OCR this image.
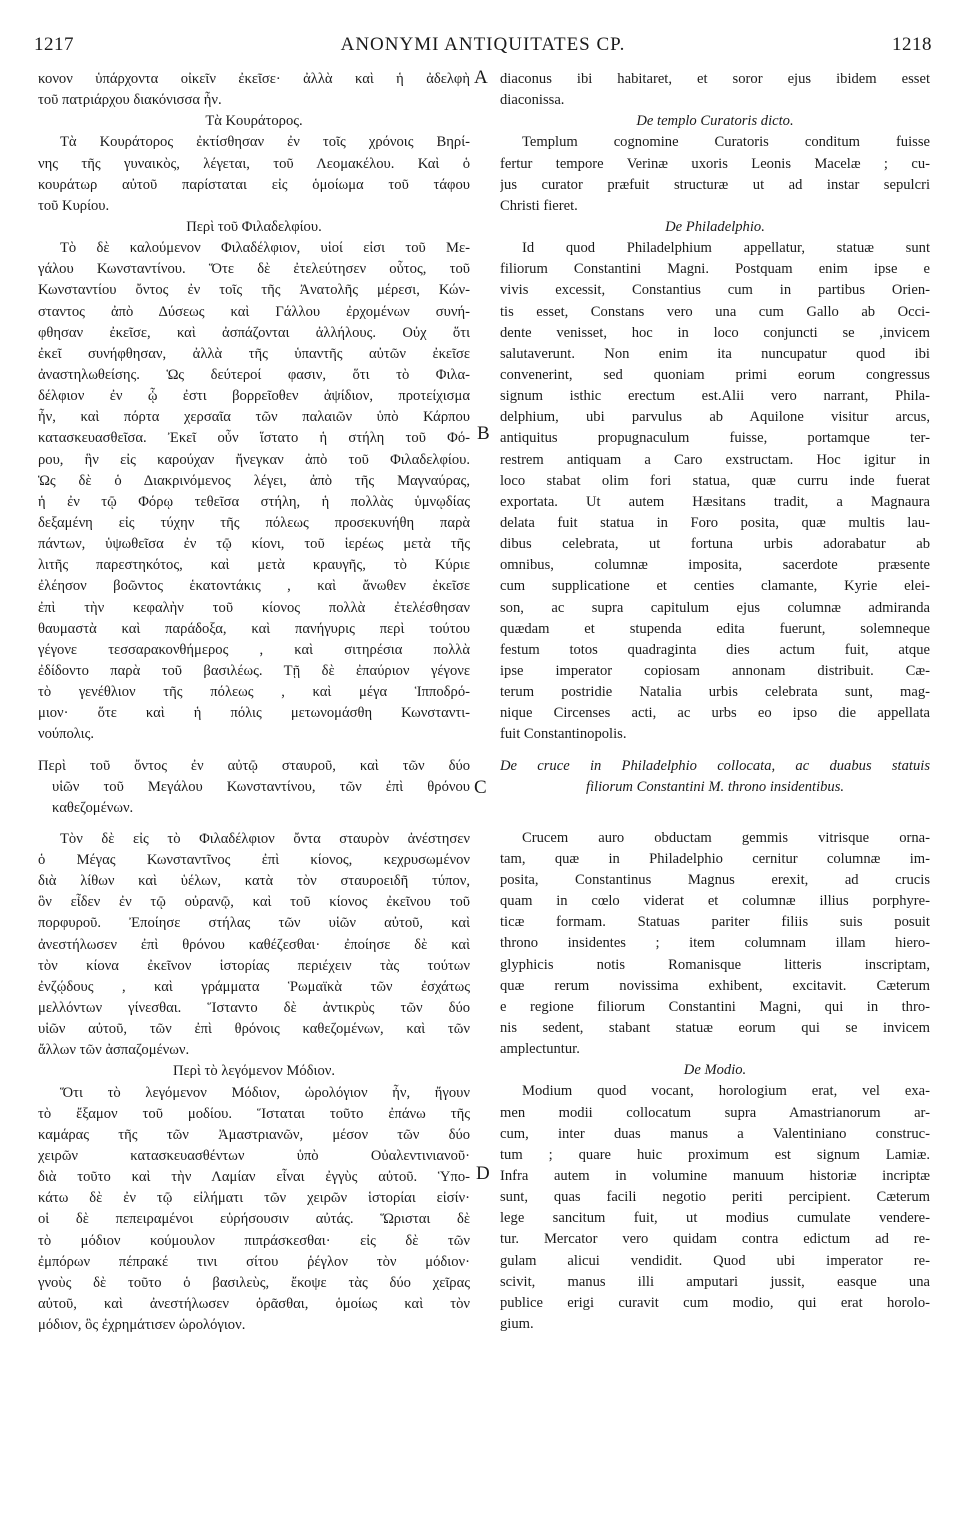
1217	ANONYMI ANTIQUITATES CP.	1218
κονον ὑπάρχοντα οἰκεῖν ἐκεῖσε· ἀλλὰ καὶ ἡ ἀδελφὴ
τοῦ πατριάρχου διακόνισσα ἦν.
Τὰ Κουράτορος.
Τὰ Κουράτορος ἐκτίσθησαν ἐν τοῖς χρόνοις Βηρί-
νης τῆς γυναικὸς, λέγεται, τοῦ Λεομακέλου. Καὶ ὁ
κουράτωρ αὐτοῦ παρίσταται εἰς ὁμοίωμα τοῦ τάφου
τοῦ Κυρίου.
Περὶ τοῦ Φιλαδελφίου.
Τὸ δὲ καλούμενον Φιλαδέλφιον, υἱοί εἰσι τοῦ Με-
γάλου Κωνσταντίνου. Ὅτε δὲ ἐτελεύτησεν οὗτος, τοῦ
Κωνσταντίου ὄντος ἐν τοῖς τῆς Ἀνατολῆς μέρεσι, Κών-
σταντος ἀπὸ Δύσεως καὶ Γάλλου ἐρχομένων συνή-
φθησαν ἐκεῖσε, καὶ ἀσπάζονται ἀλλήλους. Οὐχ ὅτι
ἐκεῖ συνήφθησαν, ἀλλὰ τῆς ὑπαντῆς αὐτῶν ἐκεῖσε
ἀναστηλωθείσης. Ὡς δεύτεροί φασιν, ὅτι τὸ Φιλα-
δέλφιον ἐν ᾧ ἐστι βορρεῖοθεν ἀψίδιον, προτείχισμα
ἦν, καὶ πόρτα χερσαῖα τῶν παλαιῶν ὑπὸ Κάρπου
κατασκευασθεῖσα. Ἐκεῖ οὖν ἵστατο ἡ στήλη τοῦ Φό-
ρου, ἣν εἰς καρούχαν ἤνεγκαν ἀπὸ τοῦ Φιλαδελφίου.
Ὡς δὲ ὁ Διακρινόμενος λέγει, ἀπὸ τῆς Μαγναύρας,
ἡ ἐν τῷ Φόρῳ τεθεῖσα στήλη, ἡ πολλὰς ὑμνῳδίας
δεξαμένη εἰς τύχην τῆς πόλεως προσεκυνήθη παρὰ
πάντων, ὑψωθεῖσα ἐν τῷ κίονι, τοῦ ἱερέως μετὰ τῆς
λιτῆς παρεστηκότος, καὶ μετὰ κραυγῆς, τὸ Κύριε
ἐλέησον βοῶντος ἑκατοντάκις , καὶ ἄνωθεν ἐκεῖσε
ἐπὶ τὴν κεφαλὴν τοῦ κίονος πολλὰ ἐτελέσθησαν
θαυμαστὰ καὶ παράδοξα, καὶ πανήγυρις περὶ τούτου
γέγονε τεσσαρακονθήμερος , καὶ σιτηρέσια πολλὰ
ἐδίδοντο παρὰ τοῦ βασιλέως. Τῇ δὲ ἐπαύριον γέγονε
τὸ γενέθλιον τῆς πόλεως , καὶ μέγα Ἱπποδρό-
μιον· ὅτε καὶ ἡ πόλις μετωνομάσθη Κωνσταντι-
νούπολις.
Περὶ τοῦ ὄντος ἐν αὐτῷ σταυροῦ, καὶ τῶν δύο
υἱῶν τοῦ Μεγάλου Κωνσταντίνου, τῶν ἐπὶ θρόνου
καθεζομένων.
Τὸν δὲ εἰς τὸ Φιλαδέλφιον ὄντα σταυρὸν ἀνέστησεν
ὁ Μέγας Κωνσταντῖνος ἐπὶ κίονος, κεχρυσωμένον
διὰ λίθων καὶ ὑέλων, κατὰ τὸν σταυροειδῆ τύπον,
ὃν εἶδεν ἐν τῷ οὐρανῷ, καὶ τοῦ κίονος ἐκεῖνου τοῦ
πορφυροῦ. Ἐποίησε στήλας τῶν υἱῶν αὐτοῦ, καὶ
ἀνεστήλωσεν ἐπὶ θρόνου καθέζεσθαι· ἐποίησε δὲ καὶ
τὸν κίονα ἐκεῖνον ἱστορίας περιέχειν τὰς τούτων
ἐνζῴδους , καὶ γράμματα Ῥωμαϊκὰ τῶν ἐσχάτως
μελλόντων γίνεσθαι. Ἵσταντο δὲ ἀντικρὺς τῶν δύο
υἱῶν αὐτοῦ, τῶν ἐπὶ θρόνοις καθεζομένων, καὶ τῶν
ἄλλων τῶν ἀσπαζομένων.
Περὶ τὸ λεγόμενον Μόδιον.
Ὅτι τὸ λεγόμενον Μόδιον, ὡρολόγιον ἦν, ἤγουν
τὸ ἔξαμον τοῦ μοδίου. Ἵσταται τοῦτο ἐπάνω τῆς
καμάρας τῆς τῶν Ἀμαστριανῶν, μέσον τῶν δύο
χειρῶν κατασκευασθέντων ὑπὸ Οὐαλεντινιανοῦ·
διὰ τοῦτο καὶ τὴν Λαμίαν εἶναι ἐγγὺς αὐτοῦ. Ὑπο-
κάτω δὲ ἐν τῷ εἰλήματι τῶν χειρῶν ἱστορίαι εἰσίν·
οἱ δὲ πεπειραμένοι εὑρήσουσιν αὐτάς. Ὥρισται δὲ
τὸ μόδιον κούμουλον πιπράσκεσθαι· εἰς δὲ τῶν
ἐμπόρων πέπρακέ τινι σίτου ῥέγλον τὸν μόδιον·
γνοὺς δὲ τοῦτο ὁ βασιλεὺς, ἔκοψε τὰς δύο χεῖρας
αὐτοῦ, καὶ ἀνεστήλωσεν ὁρᾶσθαι, ὁμοίως καὶ τὸν
μόδιον, ὃς ἐχρημάτισεν ὡρολόγιον.
diaconus ibi habitaret, et soror ejus ibidem esset
diaconissa.
De templo Curatoris dicto.
Templum cognomine Curatoris conditum fuisse
fertur tempore Verinæ uxoris Leonis Macelæ ; cu-
jus curator præfuit structuræ ut ad instar sepulcri
Christi fieret.
De Philadelphio.
Id quod Philadelphium appellatur, statuæ sunt
filiorum Constantini Magni. Postquam enim ipse e
vivis excessit, Constantius cum in partibus Orien-
tis esset, Constans vero una cum Gallo ab Occi-
dente venisset, hoc in loco conjuncti se ,invicem
salutaverunt. Non enim ita nuncupatur quod ibi
convenerint, sed quoniam primi eorum congressus
signum isthic erectum est.Alii vero narrant, Phila-
delphium, ubi parvulus ab Aquilone visitur arcus,
antiquitus propugnaculum fuisse, portamque ter-
restrem antiquam a Caro exstructam. Hoc igitur in
loco stabat olim fori statua, quæ curru inde fuerat
exportata. Ut autem Hæsitans tradit, a Magnaura
delata fuit statua in Foro posita, quæ multis lau-
dibus celebrata, ut fortuna urbis adorabatur ab
omnibus, columnæ imposita, sacerdote præsente
cum supplicatione et centies clamante, Kyrie elei-
son, ac supra capitulum ejus columnæ admiranda
quædam et stupenda edita fuerunt, solemneque
festum totos quadraginta dies actum fuit, atque
ipse imperator copiosam annonam distribuit. Cæ-
terum postridie Natalia urbis celebrata sunt, mag-
nique Circenses acti, ac urbs eo ipso die appellata
fuit Constantinopolis.
De cruce in Philadelphio collocata, ac duabus statuis
filiorum Constantini M. throno insidentibus.
Crucem auro obductam gemmis vitrisque orna-
tam, quæ in Philadelphio cernitur columnæ im-
posita, Constantinus Magnus erexit, ad crucis
quam in cœlo viderat et columnæ illius porphyre-
ticæ formam. Statuas pariter filiis suis posuit
throno insidentes ; item columnam illam hiero-
glyphicis notis Romanisque litteris inscriptam,
quæ rerum novissima exhibent, excitavit. Cæterum
e regione filiorum Constantini Magni, qui in thro-
nis sedent, stabant statuæ eorum qui se invicem
amplectuntur.
De Modio.
Modium quod vocant, horologium erat, vel exa-
men modii collocatum supra Amastrianorum ar-
cum, inter duas manus a Valentiniano construc-
tum ; quare huic proximum est signum Lamiæ.
Infra autem in volumine manuum historiæ incriptæ
sunt, quas facili negotio periti percipient. Cæterum
lege sancitum fuit, ut modius cumulate vendere-
tur. Mercator vero quidam contra edictum ad re-
gulam alicui vendidit. Quod ubi imperator re-
scivit, manus illi amputari jussit, easque una
publice erigi curavit cum modio, qui erat horolo-
gium.
A
B
C
D
